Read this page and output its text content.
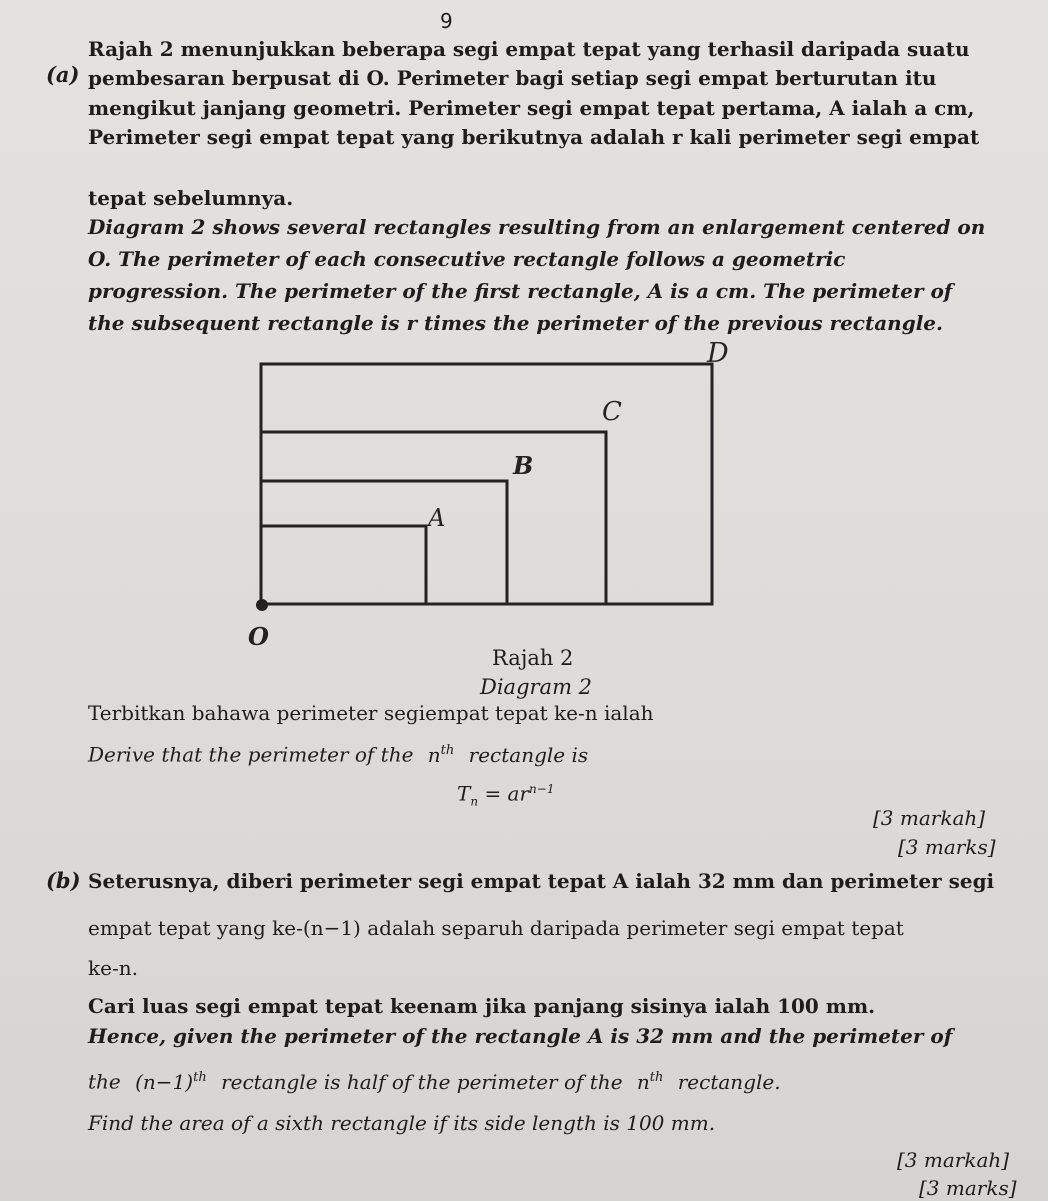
9
(a)
Rajah 2 menunjukkan beberapa segi empat tepat yang terhasil daripada suatu
pembesaran berpusat di O. Perimeter bagi setiap segi empat berturutan itu
mengikut janjang geometri. Perimeter segi empat tepat pertama, A ialah a cm,
Perimeter segi empat tepat yang berikutnya adalah r kali perimeter segi empat
tepat sebelumnya.
Diagram 2 shows several rectangles resulting from an enlargement centered on
O. The perimeter of each consecutive rectangle follows a geometric
progression. The perimeter of the first rectangle, A is a cm. The perimeter of
the subsequent rectangle is r times the perimeter of the previous rectangle.
D
C
B
A
O
Rajah 2
Diagram 2
Terbitkan bahawa perimeter segiempat tepat ke-n ialah
Derive that the perimeter of the $n^{th}$ rectangle is
$T_n = ar^{n-1}$
[3 markah]
[3 marks]
(b) Seterusnya, diberi perimeter segi empat tepat A ialah 32 mm dan perimeter segi
empat tepat yang ke-(n−1) adalah separuh daripada perimeter segi empat tepat
ke-n.
Cari luas segi empat tepat keenam jika panjang sisinya ialah 100 mm.
Hence, given the perimeter of the rectangle A is 32 mm and the perimeter of
the $(n-1)^{th}$ rectangle is half of the perimeter of the $n^{th}$ rectangle.
Find the area of a sixth rectangle if its side length is 100 mm.
[3 markah]
[3 marks]
